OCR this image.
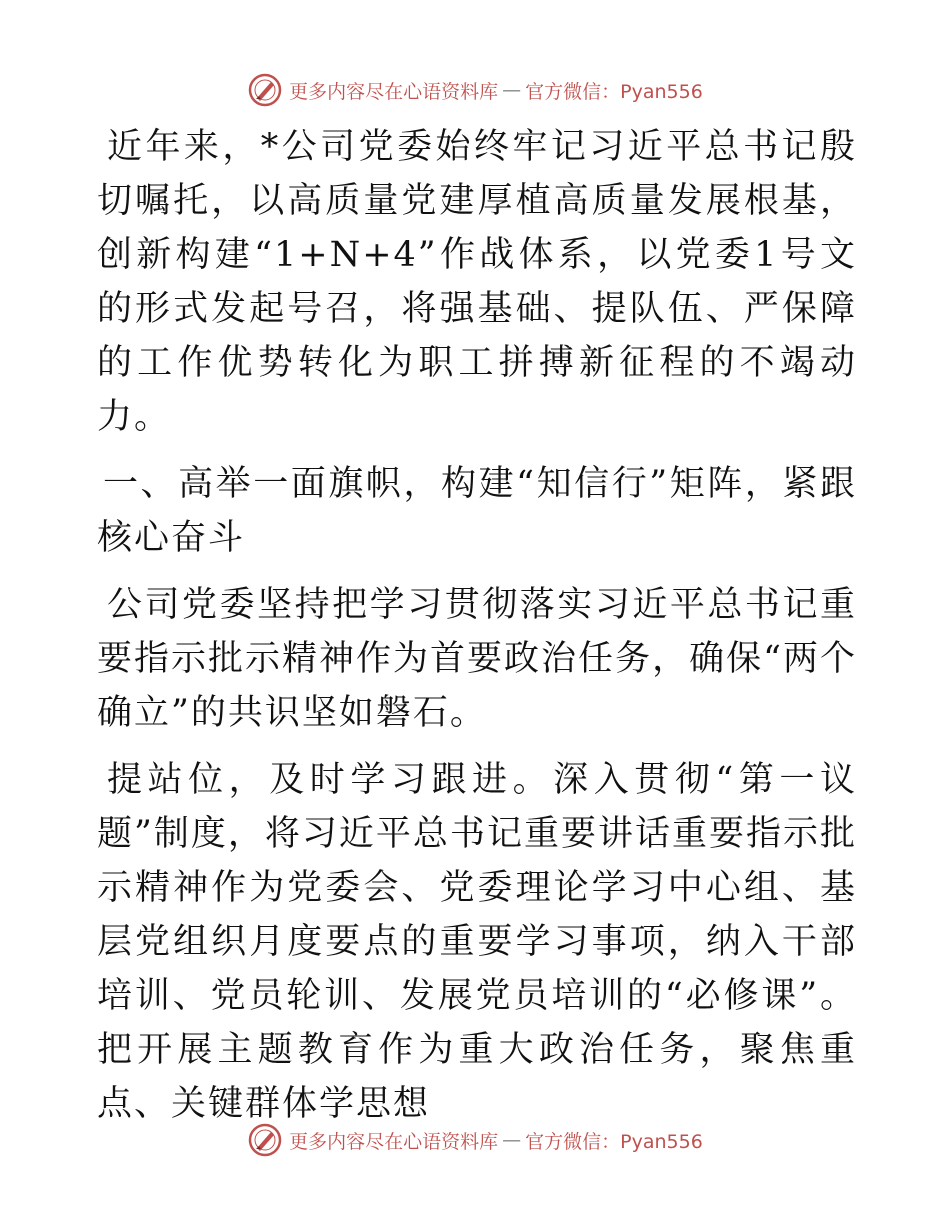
更多内容尽在心语资料库 — 官方微信：Pyan556

近年来，*公司党委始终牢记习近平总书记殷切嘱托，以高质量党建厚植高质量发展根基，创新构建“1+N+4”作战体系，以党委1号文的形式发起号召，将强基础、提队伍、严保障的工作优势转化为职工拼搏新征程的不竭动力。

一、高举一面旗帜，构建“知信行”矩阵，紧跟核心奋斗

公司党委坚持把学习贯彻落实习近平总书记重要指示批示精神作为首要政治任务，确保“两个确立”的共识坚如磐石。

提站位，及时学习跟进。深入贯彻“第一议题”制度，将习近平总书记重要讲话重要指示批示精神作为党委会、党委理论学习中心组、基层党组织月度要点的重要学习事项，纳入干部培训、党员轮训、发展党员培训的“必修课”。把开展主题教育作为重大政治任务，聚焦重点、关键群体学思想

更多内容尽在心语资料库 — 官方微信：Pyan556
